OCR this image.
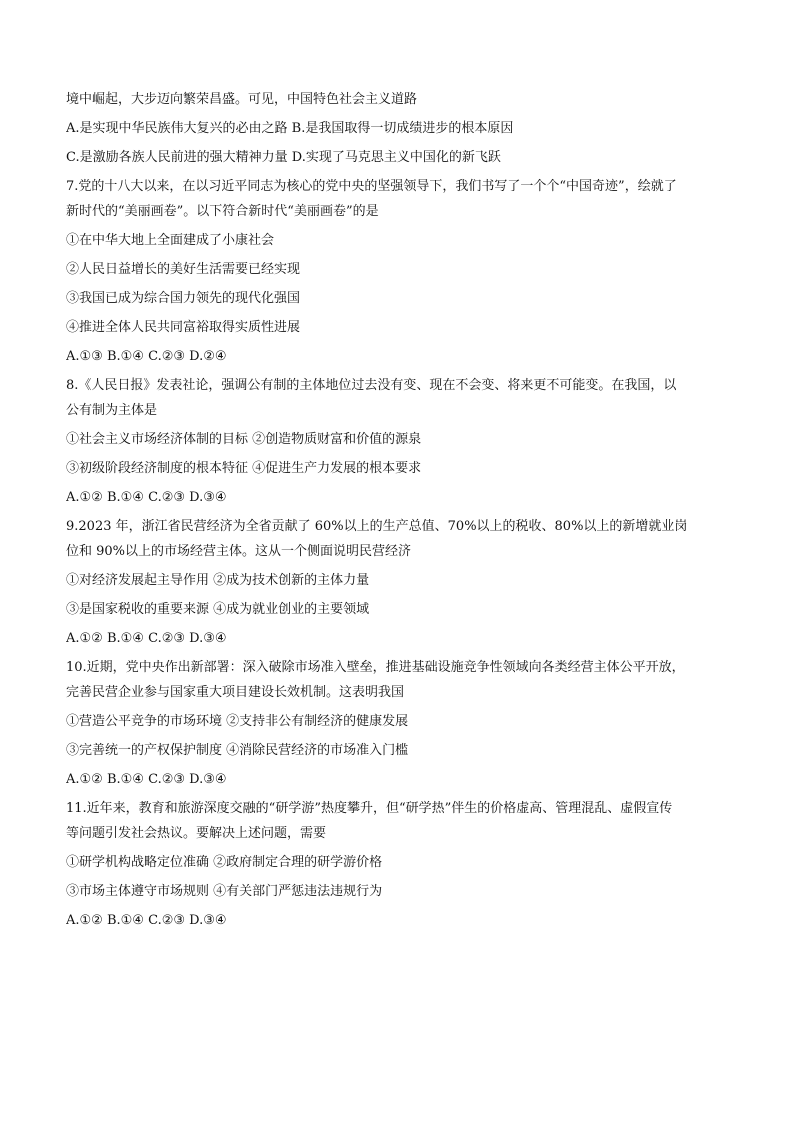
境中崛起，大步迈向繁荣昌盛。可见，中国特色社会主义道路
A.是实现中华民族伟大复兴的必由之路 B.是我国取得一切成绩进步的根本原因
C.是激励各族人民前进的强大精神力量 D.实现了马克思主义中国化的新飞跃
7.党的十八大以来，在以习近平同志为核心的党中央的坚强领导下，我们书写了一个个“中国奇迹”，绘就了
新时代的“美丽画卷”。以下符合新时代“美丽画卷”的是
①在中华大地上全面建成了小康社会
②人民日益增长的美好生活需要已经实现
③我国已成为综合国力领先的现代化强国
④推进全体人民共同富裕取得实质性进展
A.①③ B.①④ C.②③ D.②④
8.《人民日报》发表社论，强调公有制的主体地位过去没有变、现在不会变、将来更不可能变。在我国，以
公有制为主体是
①社会主义市场经济体制的目标 ②创造物质财富和价值的源泉
③初级阶段经济制度的根本特征 ④促进生产力发展的根本要求
A.①② B.①④ C.②③ D.③④
9.2023 年，浙江省民营经济为全省贡献了 60%以上的生产总值、70%以上的税收、80%以上的新增就业岗
位和 90%以上的市场经营主体。这从一个侧面说明民营经济
①对经济发展起主导作用 ②成为技术创新的主体力量
③是国家税收的重要来源 ④成为就业创业的主要领域
A.①② B.①④ C.②③ D.③④
10.近期，党中央作出新部署：深入破除市场准入壁垒，推进基础设施竞争性领域向各类经营主体公平开放，
完善民营企业参与国家重大项目建设长效机制。这表明我国
①营造公平竞争的市场环境 ②支持非公有制经济的健康发展
③完善统一的产权保护制度 ④消除民营经济的市场准入门槛
A.①② B.①④ C.②③ D.③④
11.近年来，教育和旅游深度交融的“研学游”热度攀升，但“研学热”伴生的价格虚高、管理混乱、虚假宣传
等问题引发社会热议。要解决上述问题，需要
①研学机构战略定位准确 ②政府制定合理的研学游价格
③市场主体遵守市场规则 ④有关部门严惩违法违规行为
A.①② B.①④ C.②③ D.③④
